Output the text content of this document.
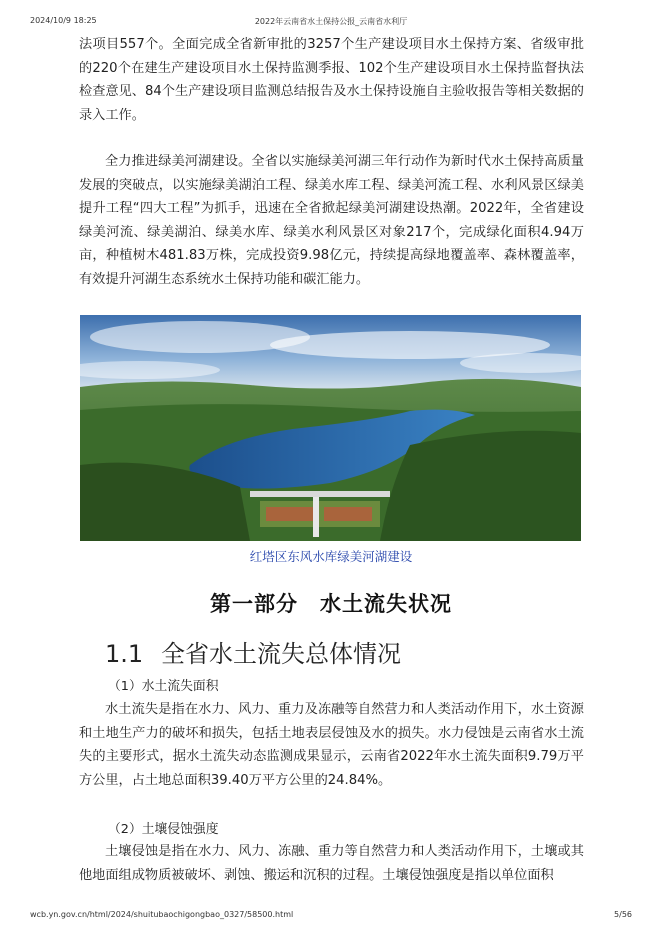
2024/10/9 18:25	2022年云南省水土保持公报_云南省水利厅

法项目557个。全面完成全省新审批的3257个生产建设项目水土保持方案、省级审批的220个在建生产建设项目水土保持监测季报、102个生产建设项目水土保持监督执法检查意见、84个生产建设项目监测总结报告及水土保持设施自主验收报告等相关数据的录入工作。

全力推进绿美河湖建设。全省以实施绿美河湖三年行动作为新时代水土保持高质量发展的突破点，以实施绿美湖泊工程、绿美水库工程、绿美河流工程、水利风景区绿美提升工程“四大工程”为抓手，迅速在全省掀起绿美河湖建设热潮。2022年，全省建设绿美河流、绿美湖泊、绿美水库、绿美水利风景区对象217个，完成绿化面积4.94万亩，种植树木481.83万株，完成投资9.98亿元，持续提高绿地覆盖率、森林覆盖率，有效提升河湖生态系统水土保持功能和碳汇能力。

红塔区东风水库绿美河湖建设
第一部分　水土流失状况
1.1 全省水土流失总体情况
（1）水土流失面积

水土流失是指在水力、风力、重力及冻融等自然营力和人类活动作用下，水土资源和土地生产力的破坏和损失，包括土地表层侵蚀及水的损失。水力侵蚀是云南省水土流失的主要形式，据水土流失动态监测成果显示，云南省2022年水土流失面积9.79万平方公里，占土地总面积39.40万平方公里的24.84%。

（2）土壤侵蚀强度

土壤侵蚀是指在水力、风力、冻融、重力等自然营力和人类活动作用下，土壤或其他地面组成物质被破坏、剥蚀、搬运和沉积的过程。土壤侵蚀强度是指以单位面积

wcb.yn.gov.cn/html/2024/shuitubaochigongbao_0327/58500.html	5/56
